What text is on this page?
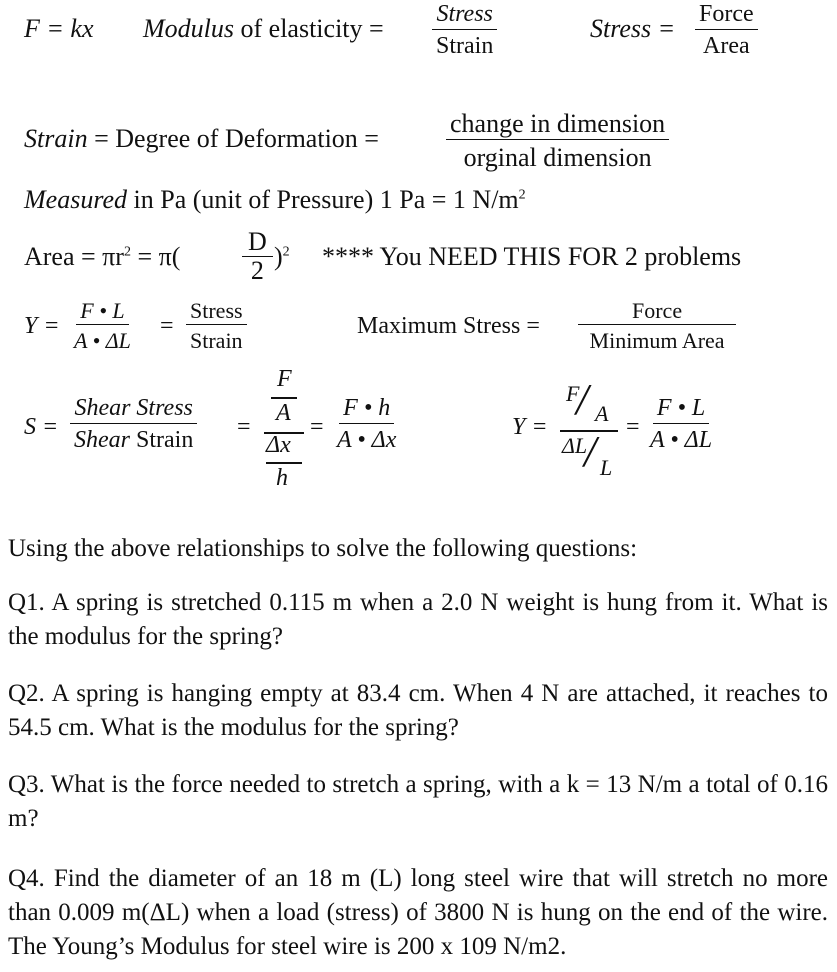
F = kx Modulus of elasticity = Stress
Strain
Stress = Force
Area
Strain = Degree of Deformation =
change in dimension
orginal dimension
Measured in Pa (unit of Pressure) 1 Pa = 1 $N/m^2$
Area = $\pi r^2 = \pi( \frac{D}{2} )^2$ **** You NEED THIS FOR 2 problems
$Y = \frac{F • L}{A • \Delta L}$ =
Stress
Strain
Maximum Stress =
Force
Minimum Area
S =
Shear Stress
Shear Strain
=
F
A
Δx
h
= $\frac{F • h}{A • \Delta x}$	Y =
F
/ A
ΔL
/ L
= $\frac{F • L}{A • \Delta L}$
Using the above relationships to solve the following questions:
Q1. A spring is stretched 0.115 m when a 2.0 N weight is hung from it. What is the modulus for the spring?
Q2. A spring is hanging empty at 83.4 cm. When 4 N are attached, it reaches to 54.5 cm. What is the modulus for the spring?
Q3. What is the force needed to stretch a spring, with a k = 13 N/m a total of 0.16 m?
Q4. Find the diameter of an 18 m (L) long steel wire that will stretch no more than 0.009 m(ΔL) when a load (stress) of 3800 N is hung on the end of the wire. The Young’s Modulus for steel wire is 200 x 109 N/m2.
